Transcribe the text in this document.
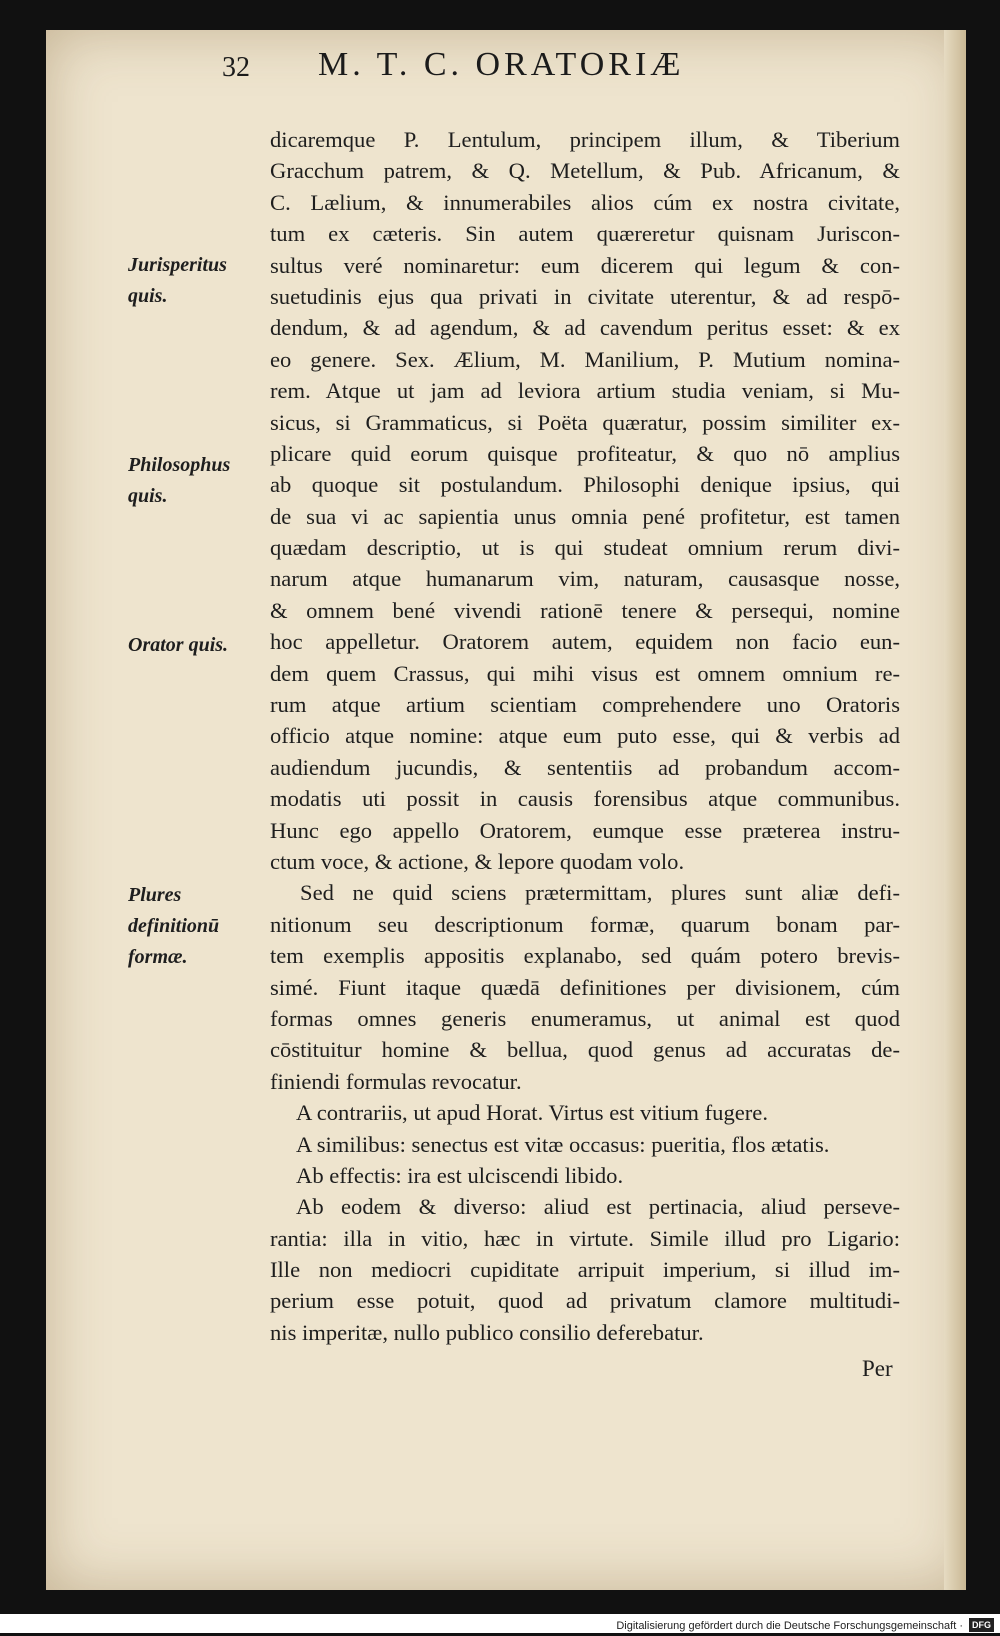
32 M. T. C. ORATORIÆ
Jurisperitus quis.
Philosophus quis.
Orator quis.
Plures definitionū formæ.
dicaremque P. Lentulum, principem illum, & Tiberium
Gracchum patrem, & Q. Metellum, & Pub. Africanum, &
C. Lælium, & innumerabiles alios cúm ex nostra civitate,
tum ex cæteris. Sin autem quæreretur quisnam Juriscon-
sultus veré nominaretur: eum dicerem qui legum & con-
suetudinis ejus qua privati in civitate uterentur, & ad respō-
dendum, & ad agendum, & ad cavendum peritus esset: & ex
eo genere. Sex. Ælium, M. Manilium, P. Mutium nomina-
rem. Atque ut jam ad leviora artium studia veniam, si Mu-
sicus, si Grammaticus, si Poëta quæratur, possim similiter ex-
plicare quid eorum quisque profiteatur, & quo nō amplius
ab quoque sit postulandum. Philosophi denique ipsius, qui
de sua vi ac sapientia unus omnia pené profitetur, est tamen
quædam descriptio, ut is qui studeat omnium rerum divi-
narum atque humanarum vim, naturam, causasque nosse,
& omnem bené vivendi rationē tenere & persequi, nomine
hoc appelletur. Oratorem autem, equidem non facio eun-
dem quem Crassus, qui mihi visus est omnem omnium re-
rum atque artium scientiam comprehendere uno Oratoris
officio atque nomine: atque eum puto esse, qui & verbis ad
audiendum jucundis, & sententiis ad probandum accom-
modatis uti possit in causis forensibus atque communibus.
Hunc ego appello Oratorem, eumque esse præterea instru-
ctum voce, & actione, & lepore quodam volo.
Sed ne quid sciens prætermittam, plures sunt aliæ defi-
nitionum seu descriptionum formæ, quarum bonam par-
tem exemplis appositis explanabo, sed quám potero brevis-
simé. Fiunt itaque quædā definitiones per divisionem, cúm
formas omnes generis enumeramus, ut animal est quod
cōstituitur homine & bellua, quod genus ad accuratas de-
finiendi formulas revocatur.
A contrariis, ut apud Horat. Virtus est vitium fugere.
A similibus: senectus est vitæ occasus: pueritia, flos ætatis.
Ab effectis: ira est ulciscendi libido.
Ab eodem & diverso: aliud est pertinacia, aliud perseve-
rantia: illa in vitio, hæc in virtute. Simile illud pro Ligario:
Ille non mediocri cupiditate arripuit imperium, si illud im-
perium esse potuit, quod ad privatum clamore multitudi-
nis imperitæ, nullo publico consilio deferebatur.
Per
Digitalisierung gefördert durch die Deutsche Forschungsgemeinschaft · DFG
